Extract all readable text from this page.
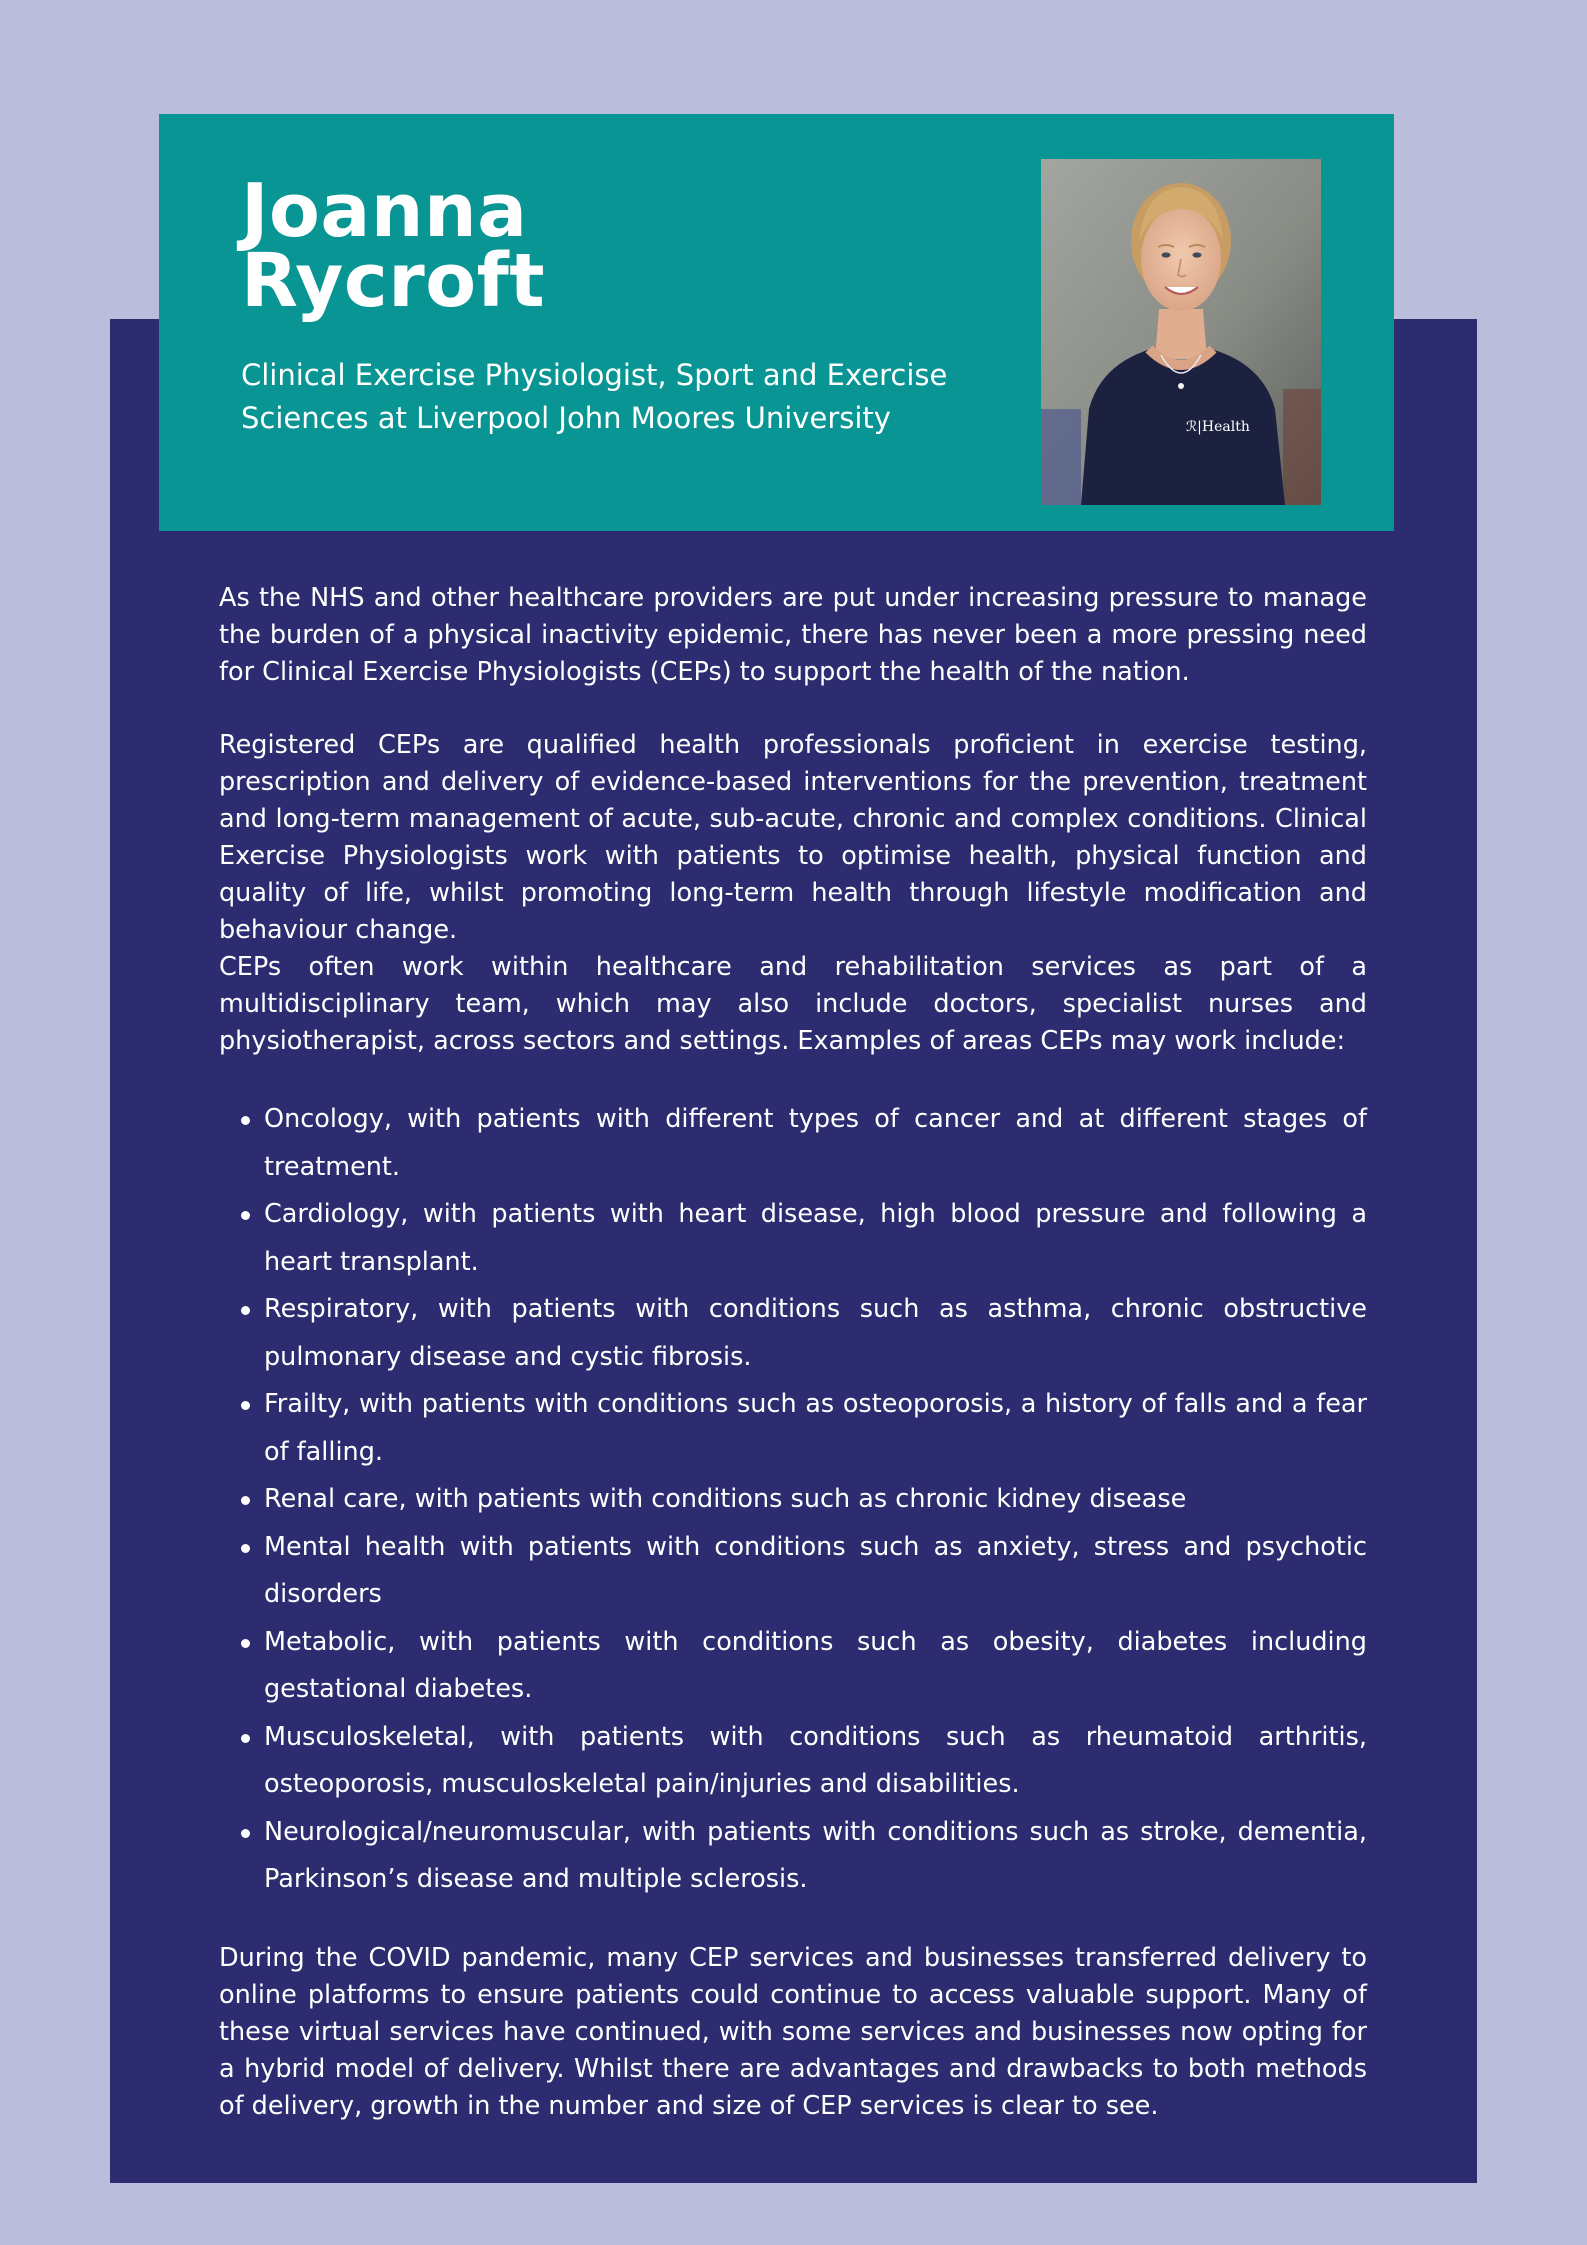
Joanna
Rycroft

Clinical Exercise Physiologist, Sport and Exercise
Sciences at Liverpool John Moores University	ℛ|Health

As the NHS and other healthcare providers are put under increasing pressure to manage the burden of a physical inactivity epidemic, there has never been a more pressing need for Clinical Exercise Physiologists (CEPs) to support the health of the nation.

Registered CEPs are qualified health professionals proficient in exercise testing, prescription and delivery of evidence-based interventions for the prevention, treatment and long-term management of acute, sub-acute, chronic and complex conditions. Clinical Exercise Physiologists work with patients to optimise health, physical function and quality of life, whilst promoting long-term health through lifestyle modification and behaviour change.

CEPs often work within healthcare and rehabilitation services as part of a multidisciplinary team, which may also include doctors, specialist nurses and physiotherapist, across sectors and settings. Examples of areas CEPs may work include:

Oncology, with patients with different types of cancer and at different stages of treatment.
Cardiology, with patients with heart disease, high blood pressure and following a heart transplant.
Respiratory, with patients with conditions such as asthma, chronic obstructive pulmonary disease and cystic fibrosis.
Frailty, with patients with conditions such as osteoporosis, a history of falls and a fear of falling.
Renal care, with patients with conditions such as chronic kidney disease
Mental health with patients with conditions such as anxiety, stress and psychotic disorders
Metabolic, with patients with conditions such as obesity, diabetes including gestational diabetes.
Musculoskeletal, with patients with conditions such as rheumatoid arthritis, osteoporosis, musculoskeletal pain/injuries and disabilities.
Neurological/neuromuscular, with patients with conditions such as stroke, dementia, Parkinson’s disease and multiple sclerosis.

During the COVID pandemic, many CEP services and businesses transferred delivery to online platforms to ensure patients could continue to access valuable support. Many of these virtual services have continued, with some services and businesses now opting for a hybrid model of delivery. Whilst there are advantages and drawbacks to both methods of delivery, growth in the number and size of CEP services is clear to see.
